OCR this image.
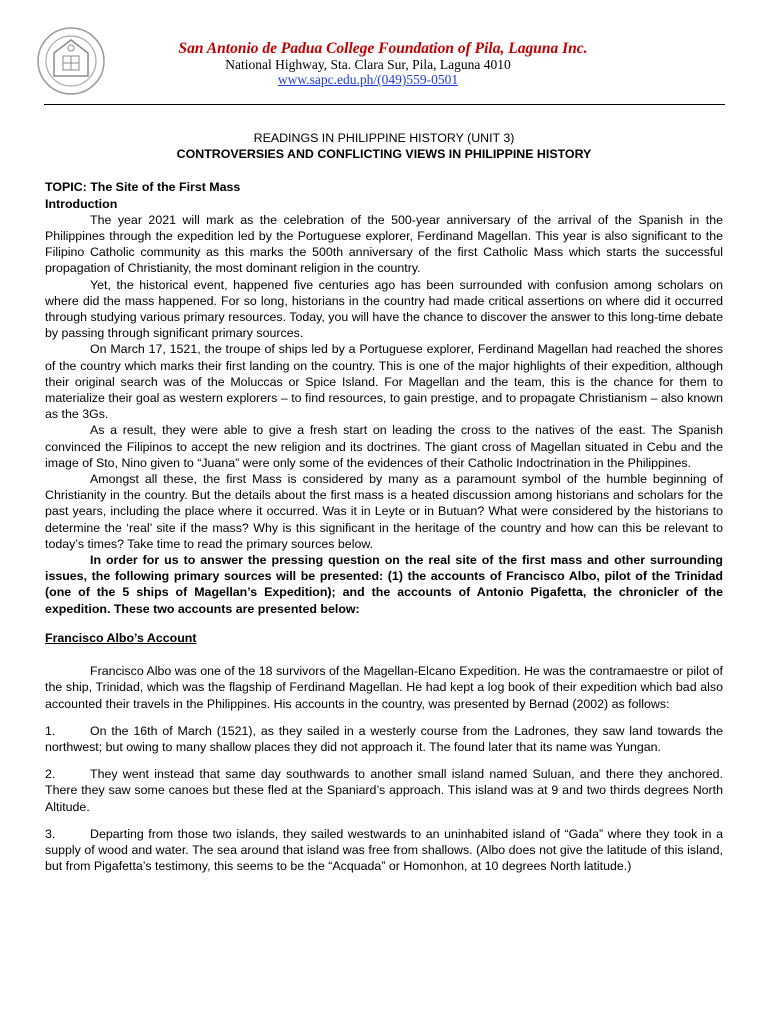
San Antonio de Padua College Foundation of Pila, Laguna Inc.
National Highway, Sta. Clara Sur, Pila, Laguna 4010
www.sapc.edu.ph/(049)559-0501

READINGS IN PHILIPPINE HISTORY (UNIT 3)

CONTROVERSIES AND CONFLICTING VIEWS IN PHILIPPINE HISTORY

TOPIC: The Site of the First Mass

Introduction

The year 2021 will mark as the celebration of the 500-year anniversary of the arrival of the Spanish in the Philippines through the expedition led by the Portuguese explorer, Ferdinand Magellan. This year is also significant to the Filipino Catholic community as this marks the 500th anniversary of the first Catholic Mass which starts the successful propagation of Christianity, the most dominant religion in the country.

Yet, the historical event, happened five centuries ago has been surrounded with confusion among scholars on where did the mass happened. For so long, historians in the country had made critical assertions on where did it occurred through studying various primary resources. Today, you will have the chance to discover the answer to this long-time debate by passing through significant primary sources.

On March 17, 1521, the troupe of ships led by a Portuguese explorer, Ferdinand Magellan had reached the shores of the country which marks their first landing on the country. This is one of the major highlights of their expedition, although their original search was of the Moluccas or Spice Island. For Magellan and the team, this is the chance for them to materialize their goal as western explorers – to find resources, to gain prestige, and to propagate Christianism – also known as the 3Gs.

As a result, they were able to give a fresh start on leading the cross to the natives of the east. The Spanish convinced the Filipinos to accept the new religion and its doctrines. The giant cross of Magellan situated in Cebu and the image of Sto, Nino given to “Juana” were only some of the evidences of their Catholic Indoctrination in the Philippines.

Amongst all these, the first Mass is considered by many as a paramount symbol of the humble beginning of Christianity in the country. But the details about the first mass is a heated discussion among historians and scholars for the past years, including the place where it occurred. Was it in Leyte or in Butuan? What were considered by the historians to determine the ‘real’ site if the mass? Why is this significant in the heritage of the country and how can this be relevant to today’s times? Take time to read the primary sources below.

In order for us to answer the pressing question on the real site of the first mass and other surrounding issues, the following primary sources will be presented: (1) the accounts of Francisco Albo, pilot of the Trinidad (one of the 5 ships of Magellan’s Expedition); and the accounts of Antonio Pigafetta, the chronicler of the expedition. These two accounts are presented below:

Francisco Albo’s Account

Francisco Albo was one of the 18 survivors of the Magellan-Elcano Expedition. He was the contramaestre or pilot of the ship, Trinidad, which was the flagship of Ferdinand Magellan. He had kept a log book of their expedition which bad also accounted their travels in the Philippines. His accounts in the country, was presented by Bernad (2002) as follows:

1.	On the 16th of March (1521), as they sailed in a westerly course from the Ladrones, they saw land towards the northwest; but owing to many shallow places they did not approach it. The found later that its name was Yungan.

2.	They went instead that same day southwards to another small island named Suluan, and there they anchored. There they saw some canoes but these fled at the Spaniard’s approach. This island was at 9 and two thirds degrees North Altitude.

3.	Departing from those two islands, they sailed westwards to an uninhabited island of “Gada” where they took in a supply of wood and water. The sea around that island was free from shallows. (Albo does not give the latitude of this island, but from Pigafetta’s testimony, this seems to be the “Acquada” or Homonhon, at 10 degrees North latitude.)
